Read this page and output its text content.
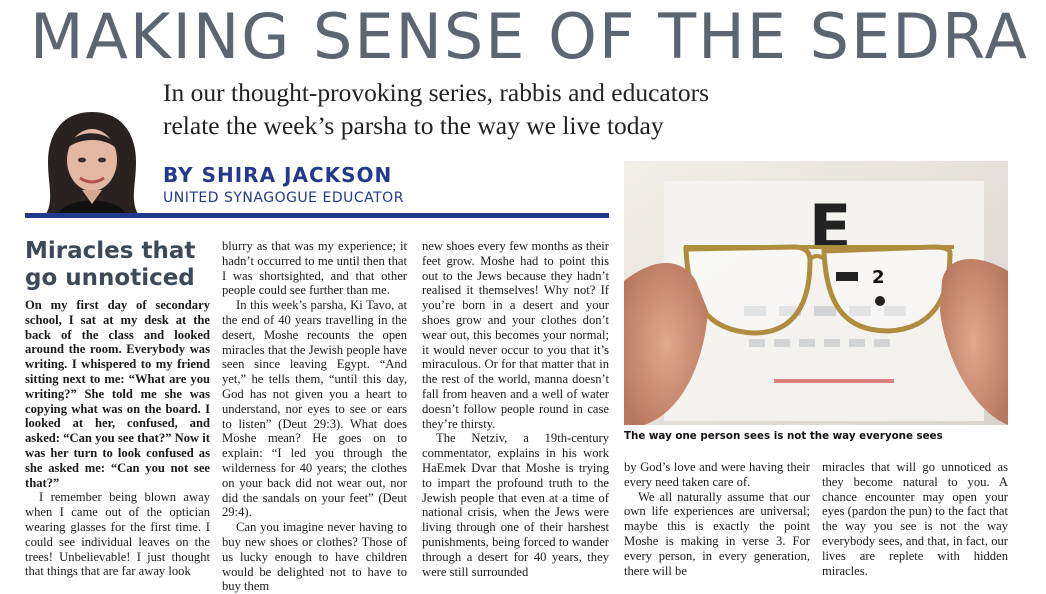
MAKING SENSE OF THE SEDRA
In our thought-provoking series, rabbis and educators
relate the week’s parsha to the way we live today
BY SHIRA JACKSON
UNITED SYNAGOGUE EDUCATOR
Miracles that go unnoticed

On my first day of secondary school, I sat at my desk at the back of the class and looked around the room. Everybody was writing. I whispered to my friend sitting next to me: “What are you writing?” She told me she was copying what was on the board. I looked at her, confused, and asked: “Can you see that?” Now it was her turn to look confused as she asked me: “Can you not see that?”

I remember being blown away when I came out of the optician wearing glasses for the first time. I could see individual leaves on the trees! Unbelievable! I just thought that things that are far away look

blurry as that was my experience; it hadn’t occurred to me until then that I was shortsighted, and that other people could see further than me.

In this week’s parsha, Ki Tavo, at the end of 40 years travelling in the desert, Moshe recounts the open miracles that the Jewish people have seen since leaving Egypt. “And yet,” he tells them, “until this day, God has not given you a heart to understand, nor eyes to see or ears to listen” (Deut 29:3). What does Moshe mean? He goes on to explain: “I led you through the wilderness for 40 years; the clothes on your back did not wear out, nor did the sandals on your feet” (Deut 29:4).

Can you imagine never having to buy new shoes or clothes? Those of us lucky enough to have children would be delighted not to have to buy them

new shoes every few months as their feet grow. Moshe had to point this out to the Jews because they hadn’t realised it themselves! Why not? If you’re born in a desert and your shoes grow and your clothes don’t wear out, this becomes your normal; it would never occur to you that it’s miraculous. Or for that matter that in the rest of the world, manna doesn’t fall from heaven and a well of water doesn’t follow people round in case they’re thirsty.

The Netziv, a 19th-century commentator, explains in his work HaEmek Dvar that Moshe is trying to impart the profound truth to the Jewish people that even at a time of national crisis, when the Jews were living through one of their harshest punishments, being forced to wander through a desert for 40 years, they were still surrounded

E
2
The way one person sees is not the way everyone sees

by God’s love and were having their every need taken care of.

We all naturally assume that our own life experiences are universal; maybe this is exactly the point Moshe is making in verse 3. For every person, in every generation, there will be

miracles that will go unnoticed as they become natural to you. A chance encounter may open your eyes (pardon the pun) to the fact that the way you see is not the way everybody sees, and that, in fact, our lives are replete with hidden miracles.
